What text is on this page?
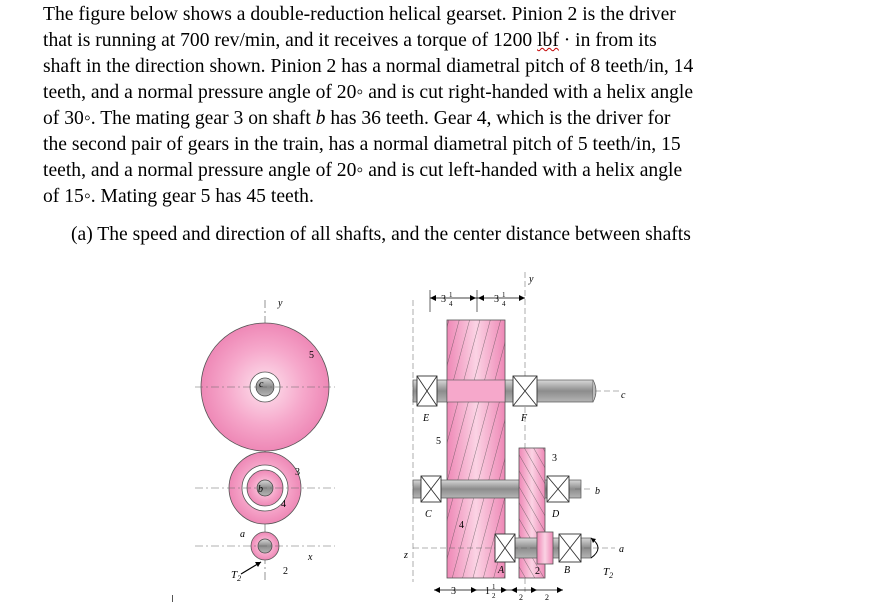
The figure below shows a double-reduction helical gearset. Pinion 2 is the driver

that is running at 700 rev/min, and it receives a torque of 1200 lbf · in from its

shaft in the direction shown. Pinion 2 has a normal diametral pitch of 8 teeth/in, 14

teeth, and a normal pressure angle of 20◦ and is cut right-handed with a helix angle

of 30◦. The mating gear 3 on shaft b has 36 teeth. Gear 4, which is the driver for

the second pair of gears in the train, has a normal diametral pitch of 5 teeth/in, 15

teeth, and a normal pressure angle of 20◦ and is cut left-handed with a helix angle

of 15◦. Mating gear 5 has 45 teeth.

(a) The speed and direction of all shafts, and the center distance between shafts
y
c
5
b
3
4
a
2
x
$T_2$
y
3 1
4	3 1
4
c
E	F
5
b
C	D
4
3
a
A	B
2	$T_2$
z
3	1 1
2	2	2
